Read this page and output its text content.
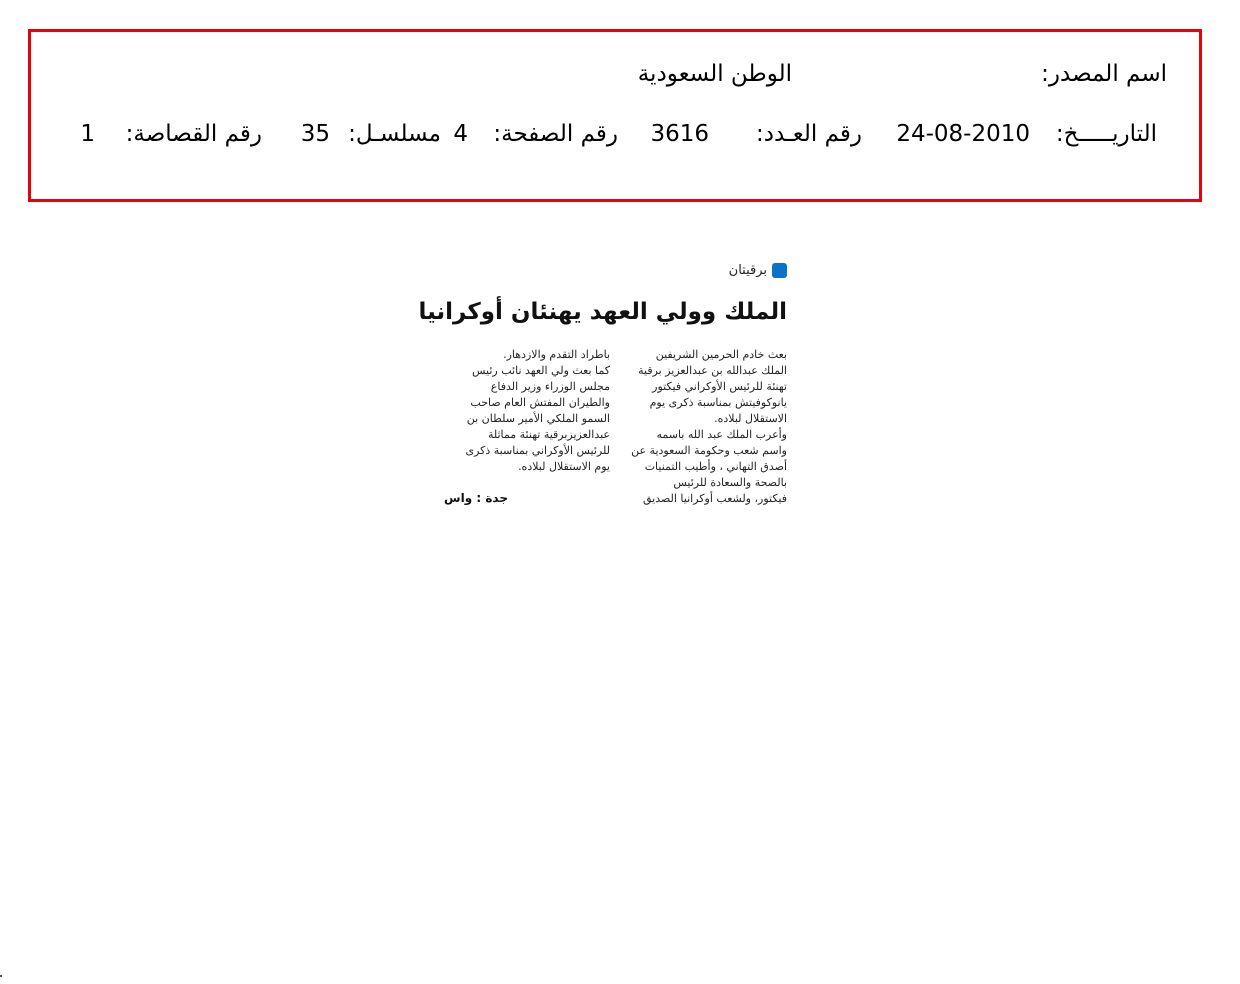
اسم المصدر:
الوطن السعودية
التاريـــــخ:
24-08-2010
رقم العـدد:
3616
رقم الصفحة:
4
مسلسـل:
35
رقم القصاصة:
1
برقيتان
الملك وولي العهد يهنئان أوكرانيا

بعث خادم الحرمين الشريفين

الملك عبدالله بن عبدالعزيز برقية

تهنئة للرئيس الأوكراني فيكتور

يانوكوفيتش بمناسبة ذكرى يوم

الاستقلال لبلاده.

وأعرب الملك عبد الله باسمه

واسم شعب وحكومة السعودية عن

أصدق التهاني ، وأطيب التمنيات

بالصحة والسعادة للرئيس

فيكتور، ولشعب أوكرانيا الصديق

باطراد التقدم والازدهار.

كما بعث ولي العهد نائب رئيس

مجلس الوزراء وزير الدفاع

والطيران المفتش العام صاحب

السمو الملكي الأمير سلطان بن

عبدالعزيزبرقية تهنئة مماثلة

للرئيس الأوكراني بمناسبة ذكرى

يوم الاستقلال لبلاده.

جدة : واس
